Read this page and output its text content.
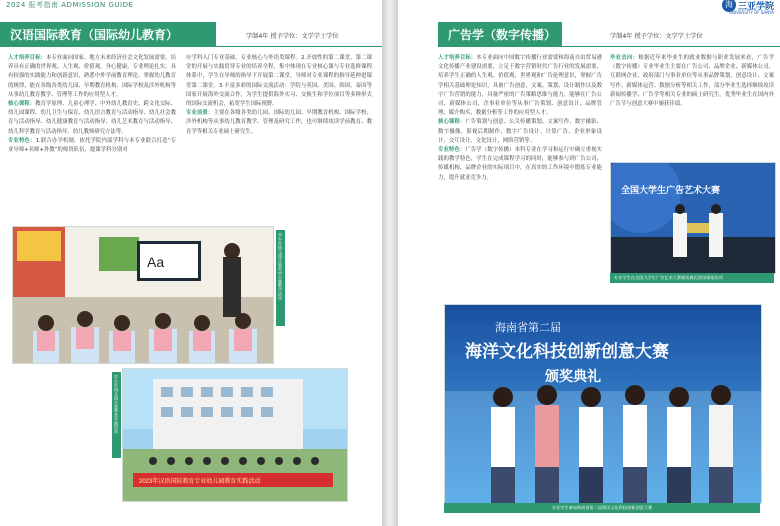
2024 报考指南 ADMISSION GUIDE
汉语国际教育（国际幼儿教育）	学制4年 授予学位：文学学士学位

人才培养目标：本专业面向国家、地方未来经济社会文化发展需要，培养具有正确的世界观、人生观、价值观，身心健康，专业理论扎实，具有较强的实践能力和创新意识，熟悉中外学前教育理论，掌握幼儿教育的规律，能在各级各类幼儿园、早期教育机构、国际学校及涉外机构等从事幼儿教育教学、管理等工作的应用型人才。

核心课程：教育学原理、儿童心理学、中外幼儿教育史、跨文化交际、幼儿园课程、幼儿卫生与保育、幼儿语言教育与活动指导、幼儿社会教育与活动指导、幼儿健康教育与活动指导、幼儿艺术教育与活动指导、幼儿科学教育与活动指导、幼儿教师研究方法等。

专业特色：1.联合办学机制，依托学院内部学科与本专业联合打造“专业导师+名师+外教”的师资队伍，提课学科分别对

应学科入门专业基础、专业核心与外语类课程。2.开放性的第二课堂，第二课堂的开展与实践贯穿专业的培养全程，集中体现在专业核心课与专业选修课程体系中，学生在导师的指导下开展第二课堂，导师对专业课程的指导延伸进课堂第二课堂。3.丰富多彩的国际交流活动：学院与英国、美国、韩国、泰国等国家开展海外交流合作，为学生提供海外实习、交换生和学位项目等多种形式的国际交流机会，拓宽学生国际视野。

专业前景：主要在各级各类幼儿园、国际幼儿园、早期教育机构、国际学校、涉外机构等从事幼儿教育教学、管理及研究工作，也可继续攻读学前教育、教育学等相关专业硕士研究生。

Aa	学生在幼儿园开展英语主题教学活动
2023年汉语国际教育专业幼儿园教育实践活动
学生在幼儿园开展教育实践活动
海 三亚学院
UNIVERSITY OF SANYA
广告学（数字传播）	学制4年 授予学位：文学学士学位

人才培养目标：本专业面向中国数字传播行业需要和海南自由贸易港文化传播产业建设需要，立足于数字营销时代广告行业的发展需要，培养学生正确的人生观、价值观、世界观和广告伦理意识，掌握广告学相关基础理论知识，具备广告创意、文案、策划、设计制作以及数字广告营销的能力，具备严密的广告策略思维与能力，能够在广告公司、新媒体公司、企事业单位等从事广告策划、创意设计、品牌管理、媒介购买、数据分析等工作的应用型人才。

核心课程：广告策划与创意、公关传播策划、文案写作、数字摄影、数字摄像、影视后期制作、数字广告设计、计算广告、企业形象设计、交互设计、文化设计、网络营销等。

专业特色：广告学（数字传播）本科专业在学习和运行中确立重视实践的教学特色，学生在完成课程学习的同时，能够参与到广告公司、传媒机构、品牌企业的实际项目中，在真实的工作环境中锻炼专业能力，提升就业竞争力。

毕业去向：根据近年来毕业生的就业数据与职业发展来看，广告学（数字传播）专业毕业生主要在广告公司、品牌企业、新媒体公司、互联网企业、政府部门与事业单位等从事品牌策划、创意设计、文案写作、新媒体运营、数据分析等相关工作，部分毕业生选择继续攻读新闻传播学、广告学等相关专业的硕士研究生。优秀毕业生在国内外广告节与创意大赛中屡获佳绩。

全国大学生广告艺术大赛
专业学生在全国大学生广告艺术大赛颁奖典礼现场领取奖项
海南省第二届
海洋文化科技创新创意大赛
颁奖典礼
专业学生参加海南省第二届海洋文化科技创新创意大赛
